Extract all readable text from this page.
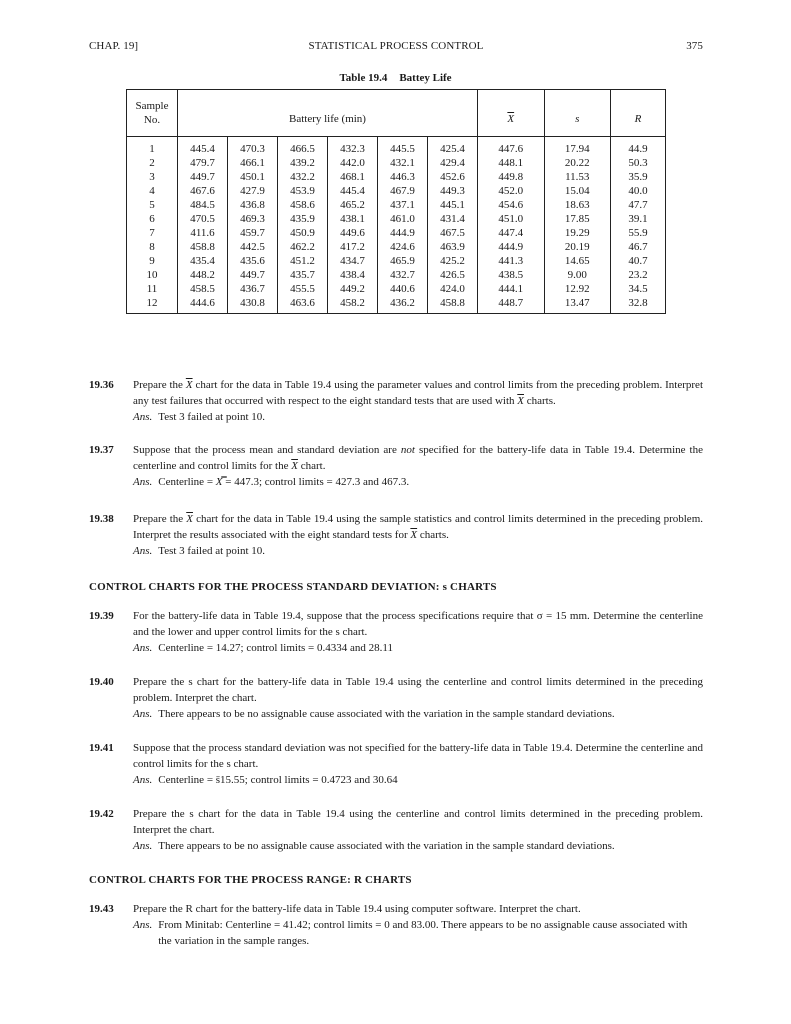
CHAP. 19]	STATISTICAL PROCESS CONTROL	375
Table 19.4 Battey Life
Sample
No.	Battery life (min)						$\overline{X}$	s	R
1	445.4	470.3	466.5	432.3	445.5	425.4	447.6	17.94	44.9
2	479.7	466.1	439.2	442.0	432.1	429.4	448.1	20.22	50.3
3	449.7	450.1	432.2	468.1	446.3	452.6	449.8	11.53	35.9
4	467.6	427.9	453.9	445.4	467.9	449.3	452.0	15.04	40.0
5	484.5	436.8	458.6	465.2	437.1	445.1	454.6	18.63	47.7
6	470.5	469.3	435.9	438.1	461.0	431.4	451.0	17.85	39.1
7	411.6	459.7	450.9	449.6	444.9	467.5	447.4	19.29	55.9
8	458.8	442.5	462.2	417.2	424.6	463.9	444.9	20.19	46.7
9	435.4	435.6	451.2	434.7	465.9	425.2	441.3	14.65	40.7
10	448.2	449.7	435.7	438.4	432.7	426.5	438.5	9.00	23.2
11	458.5	436.7	455.5	449.2	440.6	424.0	444.1	12.92	34.5
12	444.6	430.8	463.6	458.2	436.2	458.8	448.7	13.47	32.8
19.36 Prepare the $\overline{X}$ chart for the data in Table 19.4 using the parameter values and control limits from the preceding problem. Interpret any test failures that occurred with respect to the eight standard tests that are used with $\overline{X}$ charts.
Ans. Test 3 failed at point 10.
19.37 Suppose that the process mean and standard deviation are not specified for the battery-life data in Table 19.4. Determine the centerline and control limits for the $\overline{X}$ chart.
Ans. Centerline = X̿ = 447.3; control limits = 427.3 and 467.3.
19.38 Prepare the $\overline{X}$ chart for the data in Table 19.4 using the sample statistics and control limits determined in the preceding problem. Interpret the results associated with the eight standard tests for $\overline{X}$ charts.
Ans. Test 3 failed at point 10.
CONTROL CHARTS FOR THE PROCESS STANDARD DEVIATION: s CHARTS
19.39 For the battery-life data in Table 19.4, suppose that the process specifications require that σ = 15 mm. Determine the centerline and the lower and upper control limits for the s chart.
Ans. Centerline = 14.27; control limits = 0.4334 and 28.11
19.40 Prepare the s chart for the battery-life data in Table 19.4 using the centerline and control limits determined in the preceding problem. Interpret the chart.
Ans. There appears to be no assignable cause associated with the variation in the sample standard deviations.
19.41 Suppose that the process standard deviation was not specified for the battery-life data in Table 19.4. Determine the centerline and control limits for the s chart.
Ans. Centerline = s̄15.55; control limits = 0.4723 and 30.64
19.42 Prepare the s chart for the data in Table 19.4 using the centerline and control limits determined in the preceding problem. Interpret the chart.
Ans. There appears to be no assignable cause associated with the variation in the sample standard deviations.
CONTROL CHARTS FOR THE PROCESS RANGE: R CHARTS
19.43 Prepare the R chart for the battery-life data in Table 19.4 using computer software. Interpret the chart.
Ans. From Minitab: Centerline = 41.42; control limits = 0 and 83.00. There appears to be no assignable cause associated with the variation in the sample ranges.
